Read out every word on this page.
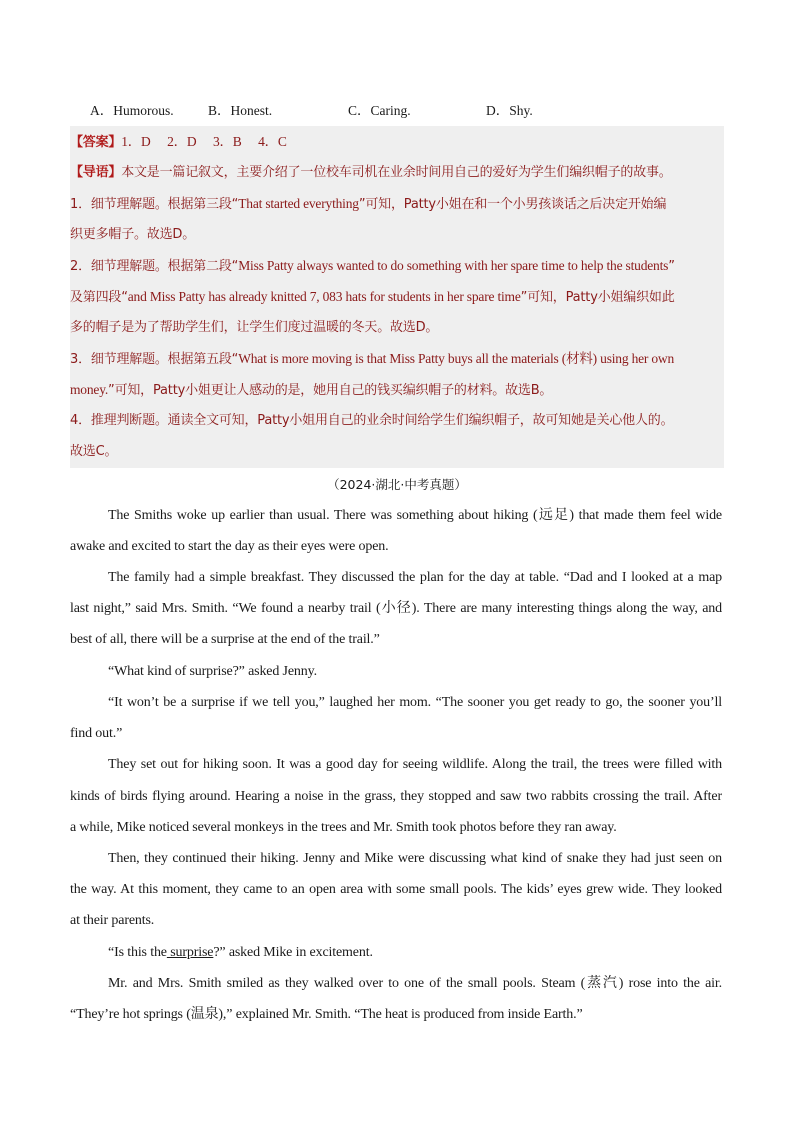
A．Humorous.	B．Honest.	C．Caring.	D．Shy.
【答案】1．D　 2．D　 3．B　 4．C
【导语】本文是一篇记叙文，主要介绍了一位校车司机在业余时间用自己的爱好为学生们编织帽子的故事。
1．细节理解题。根据第三段“That started everything”可知，Patty小姐在和一个小男孩谈话之后决定开始编
织更多帽子。故选D。
2．细节理解题。根据第二段“Miss Patty always wanted to do something with her spare time to help the students”
及第四段“and Miss Patty has already knitted 7, 083 hats for students in her spare time”可知，Patty小姐编织如此
多的帽子是为了帮助学生们，让学生们度过温暖的冬天。故选D。
3．细节理解题。根据第五段“What is more moving is that Miss Patty buys all the materials (材料) using her own
money.”可知，Patty小姐更让人感动的是，她用自己的钱买编织帽子的材料。故选B。
4．推理判断题。通读全文可知，Patty小姐用自己的业余时间给学生们编织帽子，故可知她是关心他人的。
故选C。
（2024·湖北·中考真题）
The Smiths woke up earlier than usual. There was something about hiking (远足) that made them feel wide
awake and excited to start the day as their eyes were open.
The family had a simple breakfast. They discussed the plan for the day at table. “Dad and I looked at a map
last night,” said Mrs. Smith. “We found a nearby trail (小径). There are many interesting things along the way, and
best of all, there will be a surprise at the end of the trail.”
“What kind of surprise?” asked Jenny.
“It won’t be a surprise if we tell you,” laughed her mom. “The sooner you get ready to go, the sooner you’ll
find out.”
They set out for hiking soon. It was a good day for seeing wildlife. Along the trail, the trees were filled with
kinds of birds flying around. Hearing a noise in the grass, they stopped and saw two rabbits crossing the trail. After
a while, Mike noticed several monkeys in the trees and Mr. Smith took photos before they ran away.
Then, they continued their hiking. Jenny and Mike were discussing what kind of snake they had just seen on
the way. At this moment, they came to an open area with some small pools. The kids’ eyes grew wide. They looked
at their parents.
“Is this the surprise?” asked Mike in excitement.
Mr. and Mrs. Smith smiled as they walked over to one of the small pools. Steam (蒸汽) rose into the air.
“They’re hot springs (温泉),” explained Mr. Smith. “The heat is produced from inside Earth.”
